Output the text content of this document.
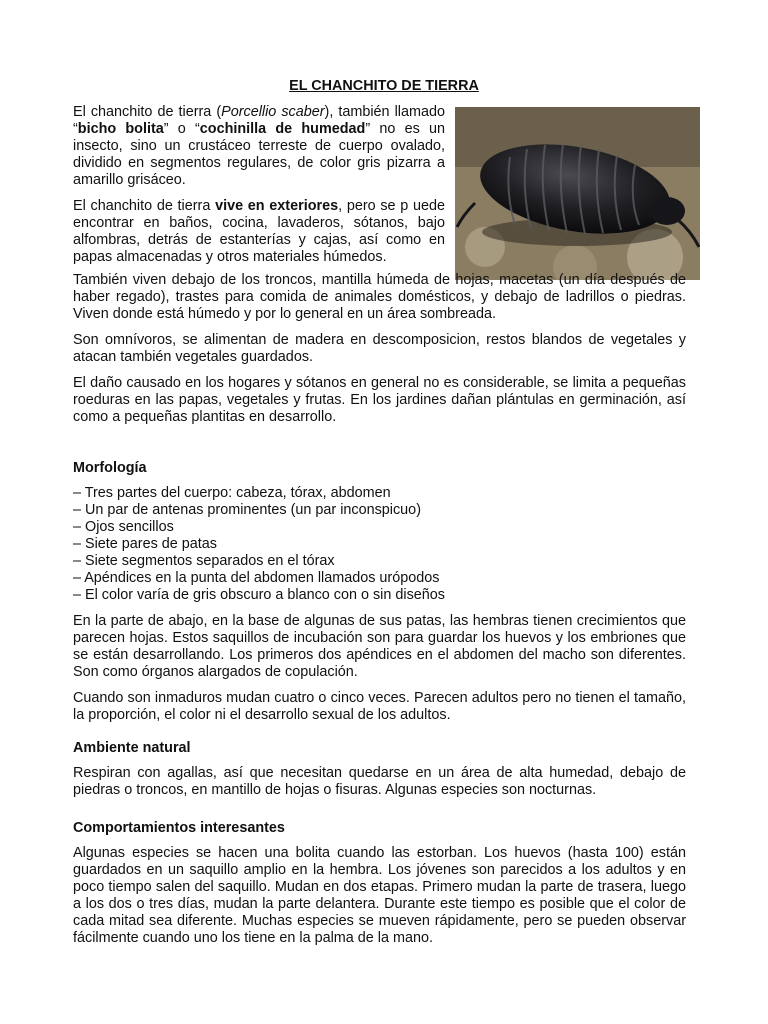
EL CHANCHITO DE TIERRA

El chanchito de tierra (Porcellio scaber), también llamado “bicho bolita” o “cochinilla de humedad” no es un insecto, sino un crustáceo terreste de cuerpo ovalado, dividido en segmentos regulares, de color gris pizarra a amarillo grisáceo.

El chanchito de tierra vive en exteriores, pero se p uede encontrar en baños, cocina, lavaderos, sótanos, bajo alfombras, detrás de estanterías y cajas, así como en papas almacenadas y otros materiales húmedos.

También viven debajo de los troncos, mantilla húmeda de hojas, macetas (un día después de haber regado), trastes para comida de animales domésticos, y debajo de ladrillos o piedras. Viven donde está húmedo y por lo general en un área sombreada.

Son omnívoros, se alimentan de madera en descomposicion, restos blandos de vegetales y atacan también vegetales guardados.

El daño causado en los hogares y sótanos en general no es considerable, se limita a pequeñas roeduras en las papas, vegetales y frutas. En los jardines dañan plántulas en germinación, así como a pequeñas plantitas en desarrollo.

Morfología
– Tres partes del cuerpo: cabeza, tórax, abdomen
– Un par de antenas prominentes (un par inconspicuo)
– Ojos sencillos
– Siete pares de patas
– Siete segmentos separados en el tórax
– Apéndices en la punta del abdomen llamados urópodos
– El color varía de gris obscuro a blanco con o sin diseños

En la parte de abajo, en la base de algunas de sus patas, las hembras tienen crecimientos que parecen hojas. Estos saquillos de incubación son para guardar los huevos y los embriones que se están desarrollando. Los primeros dos apéndices en el abdomen del macho son diferentes. Son como órganos alargados de copulación.

Cuando son inmaduros mudan cuatro o cinco veces. Parecen adultos pero no tienen el tamaño, la proporción, el color ni el desarrollo sexual de los adultos.

Ambiente natural

Respiran con agallas, así que necesitan quedarse en un área de alta humedad, debajo de piedras o troncos, en mantillo de hojas o fisuras. Algunas especies son nocturnas.

Comportamientos interesantes

Algunas especies se hacen una bolita cuando las estorban. Los huevos (hasta 100) están guardados en un saquillo amplio en la hembra. Los jóvenes son parecidos a los adultos y en poco tiempo salen del saquillo. Mudan en dos etapas. Primero mudan la parte de trasera, luego a los dos o tres días, mudan la parte delantera. Durante este tiempo es posible que el color de cada mitad sea diferente. Muchas especies se mueven rápidamente, pero se pueden observar fácilmente cuando uno los tiene en la palma de la mano.
